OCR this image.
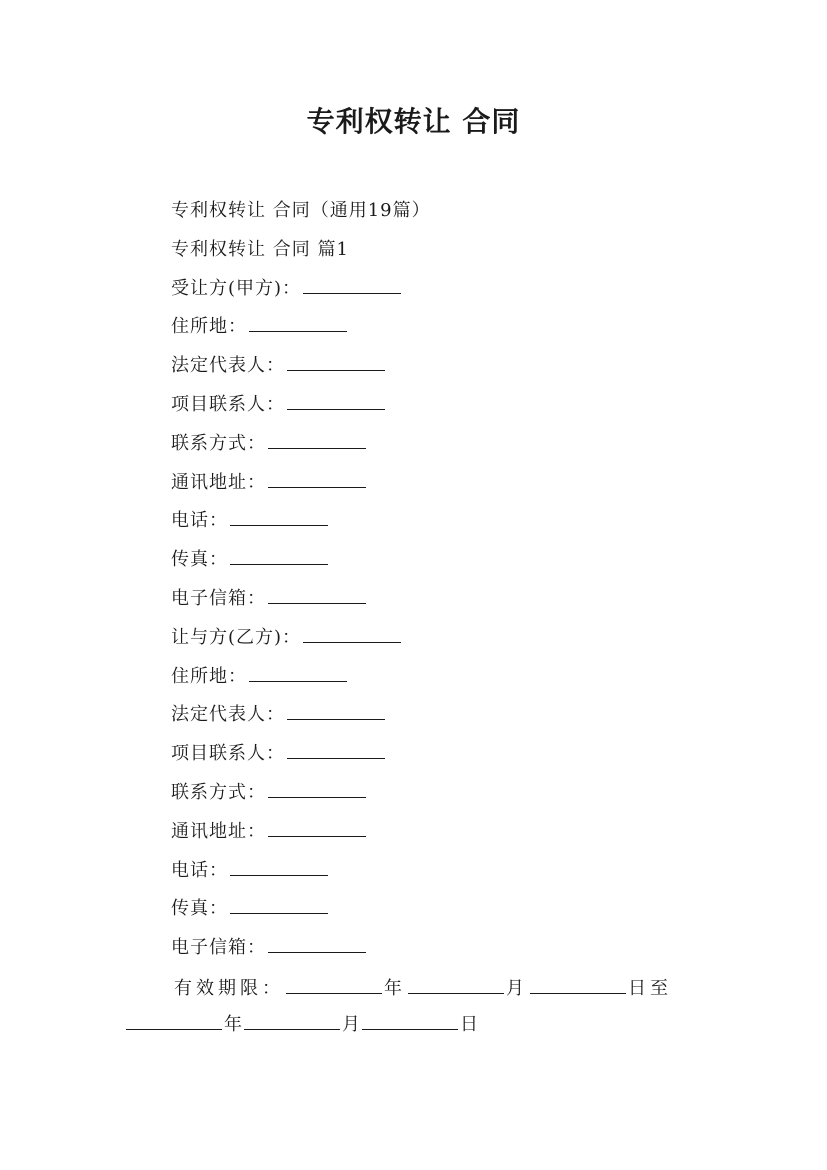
专利权转让 合同
专利权转让 合同（通用19篇）
专利权转让 合同 篇1
受让方(甲方)：
住所地：
法定代表人：
项目联系人：
联系方式：
通讯地址：
电话：
传真：
电子信箱：
让与方(乙方)：
住所地：
法定代表人：
项目联系人：
联系方式：
通讯地址：
电话：
传真：
电子信箱：
有效期限：	年	月	日至
年	月	日
